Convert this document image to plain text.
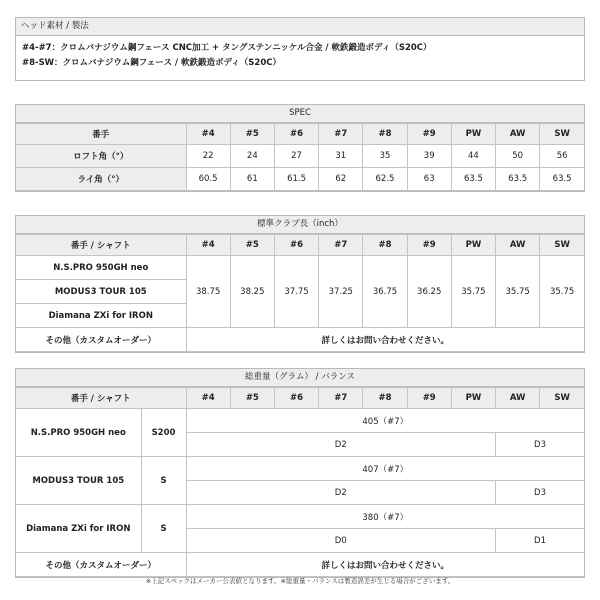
ヘッド素材 / 製法
#4-#7：クロムバナジウム鋼フェース CNC加工 + タングステンニッケル合金 / 軟鉄鍛造ボディ（S20C）
#8-SW：クロムバナジウム鋼フェース / 軟鉄鍛造ボディ（S20C）
SPEC
番手	#4	#5	#6	#7	#8	#9	PW	AW	SW
ロフト角（°）	22	24	27	31	35	39	44	50	56
ライ角（°）	60.5	61	61.5	62	62.5	63	63.5	63.5	63.5
標準クラブ長（inch）
番手 / シャフト	#4	#5	#6	#7	#8	#9	PW	AW	SW
N.S.PRO 950GH neo	38.75	38.25	37.75	37.25	36.75	36.25	35.75	35.75	35.75
MODUS3 TOUR 105									
Diamana ZXi for IRON									
その他（カスタムオーダー）	詳しくはお問い合わせください。								
総重量（グラム） / バランス
番手 / シャフト		#4	#5	#6	#7	#8	#9	PW	AW	SW
N.S.PRO 950GH neo	S200	405（#7）								
		D2							D3	
MODUS3 TOUR 105	S	407（#7）								
		D2							D3	
Diamana ZXi for IRON	S	380（#7）								
		D0							D1	
その他（カスタムオーダー）		詳しくはお問い合わせください。								
※上記スペックはメーカー公表値となります。※総重量・バランスは製造誤差が生じる場合がございます。
